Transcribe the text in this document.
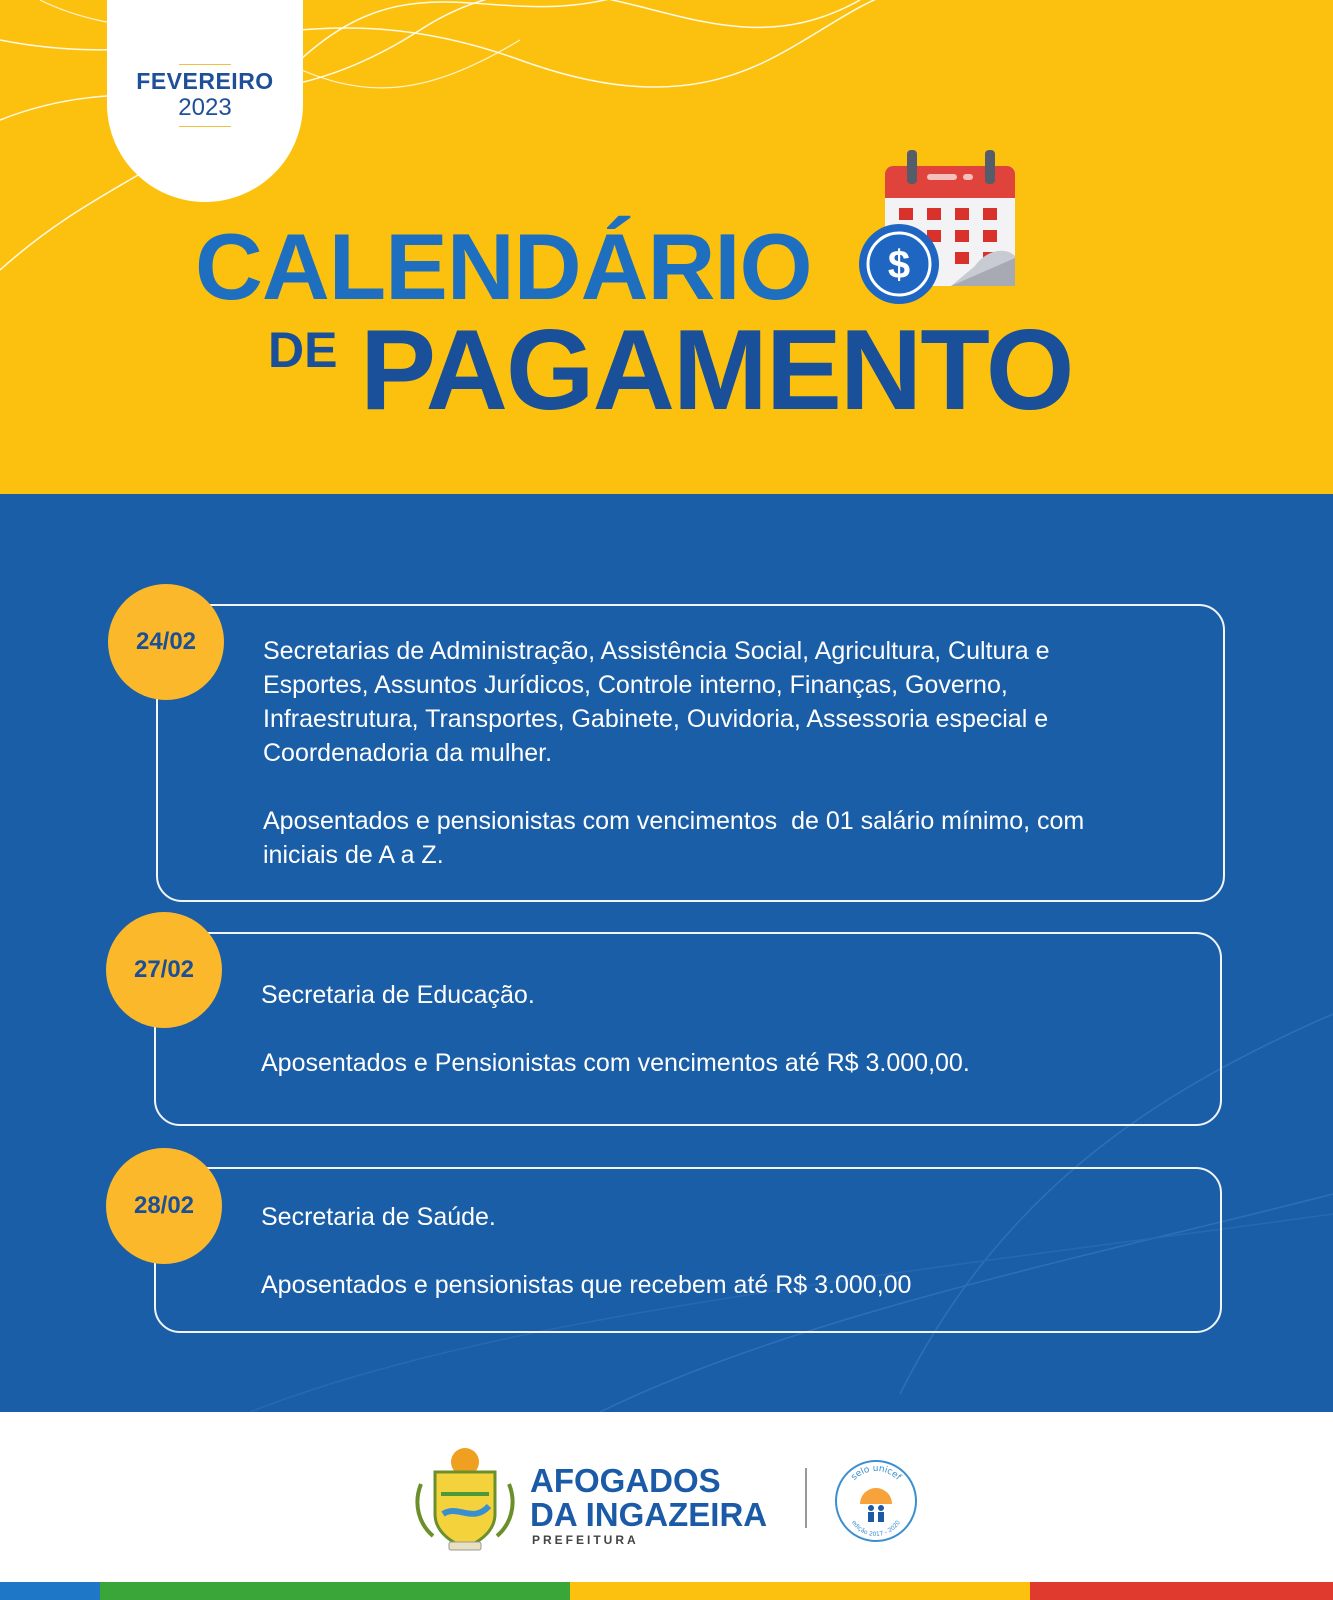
FEVEREIRO
2023
CALENDÁRIO
DE PAGAMENTO
$
24/02	Secretarias de Administração, Assistência Social, Agricultura, Cultura e
Esportes, Assuntos Jurídicos, Controle interno, Finanças, Governo,
Infraestrutura, Transportes, Gabinete, Ouvidoria, Assessoria especial e
Coordenadoria da mulher.
Aposentados e pensionistas com vencimentos  de 01 salário mínimo, com
iniciais de A a Z.
27/02
Secretaria de Educação.
Aposentados e Pensionistas com vencimentos até R$ 3.000,00.
28/02	Secretaria de Saúde.
Aposentados e pensionistas que recebem até R$ 3.000,00
AFOGADOS
DA INGAZEIRA
PREFEITURA
selo unicef
edição 2017 - 2020
